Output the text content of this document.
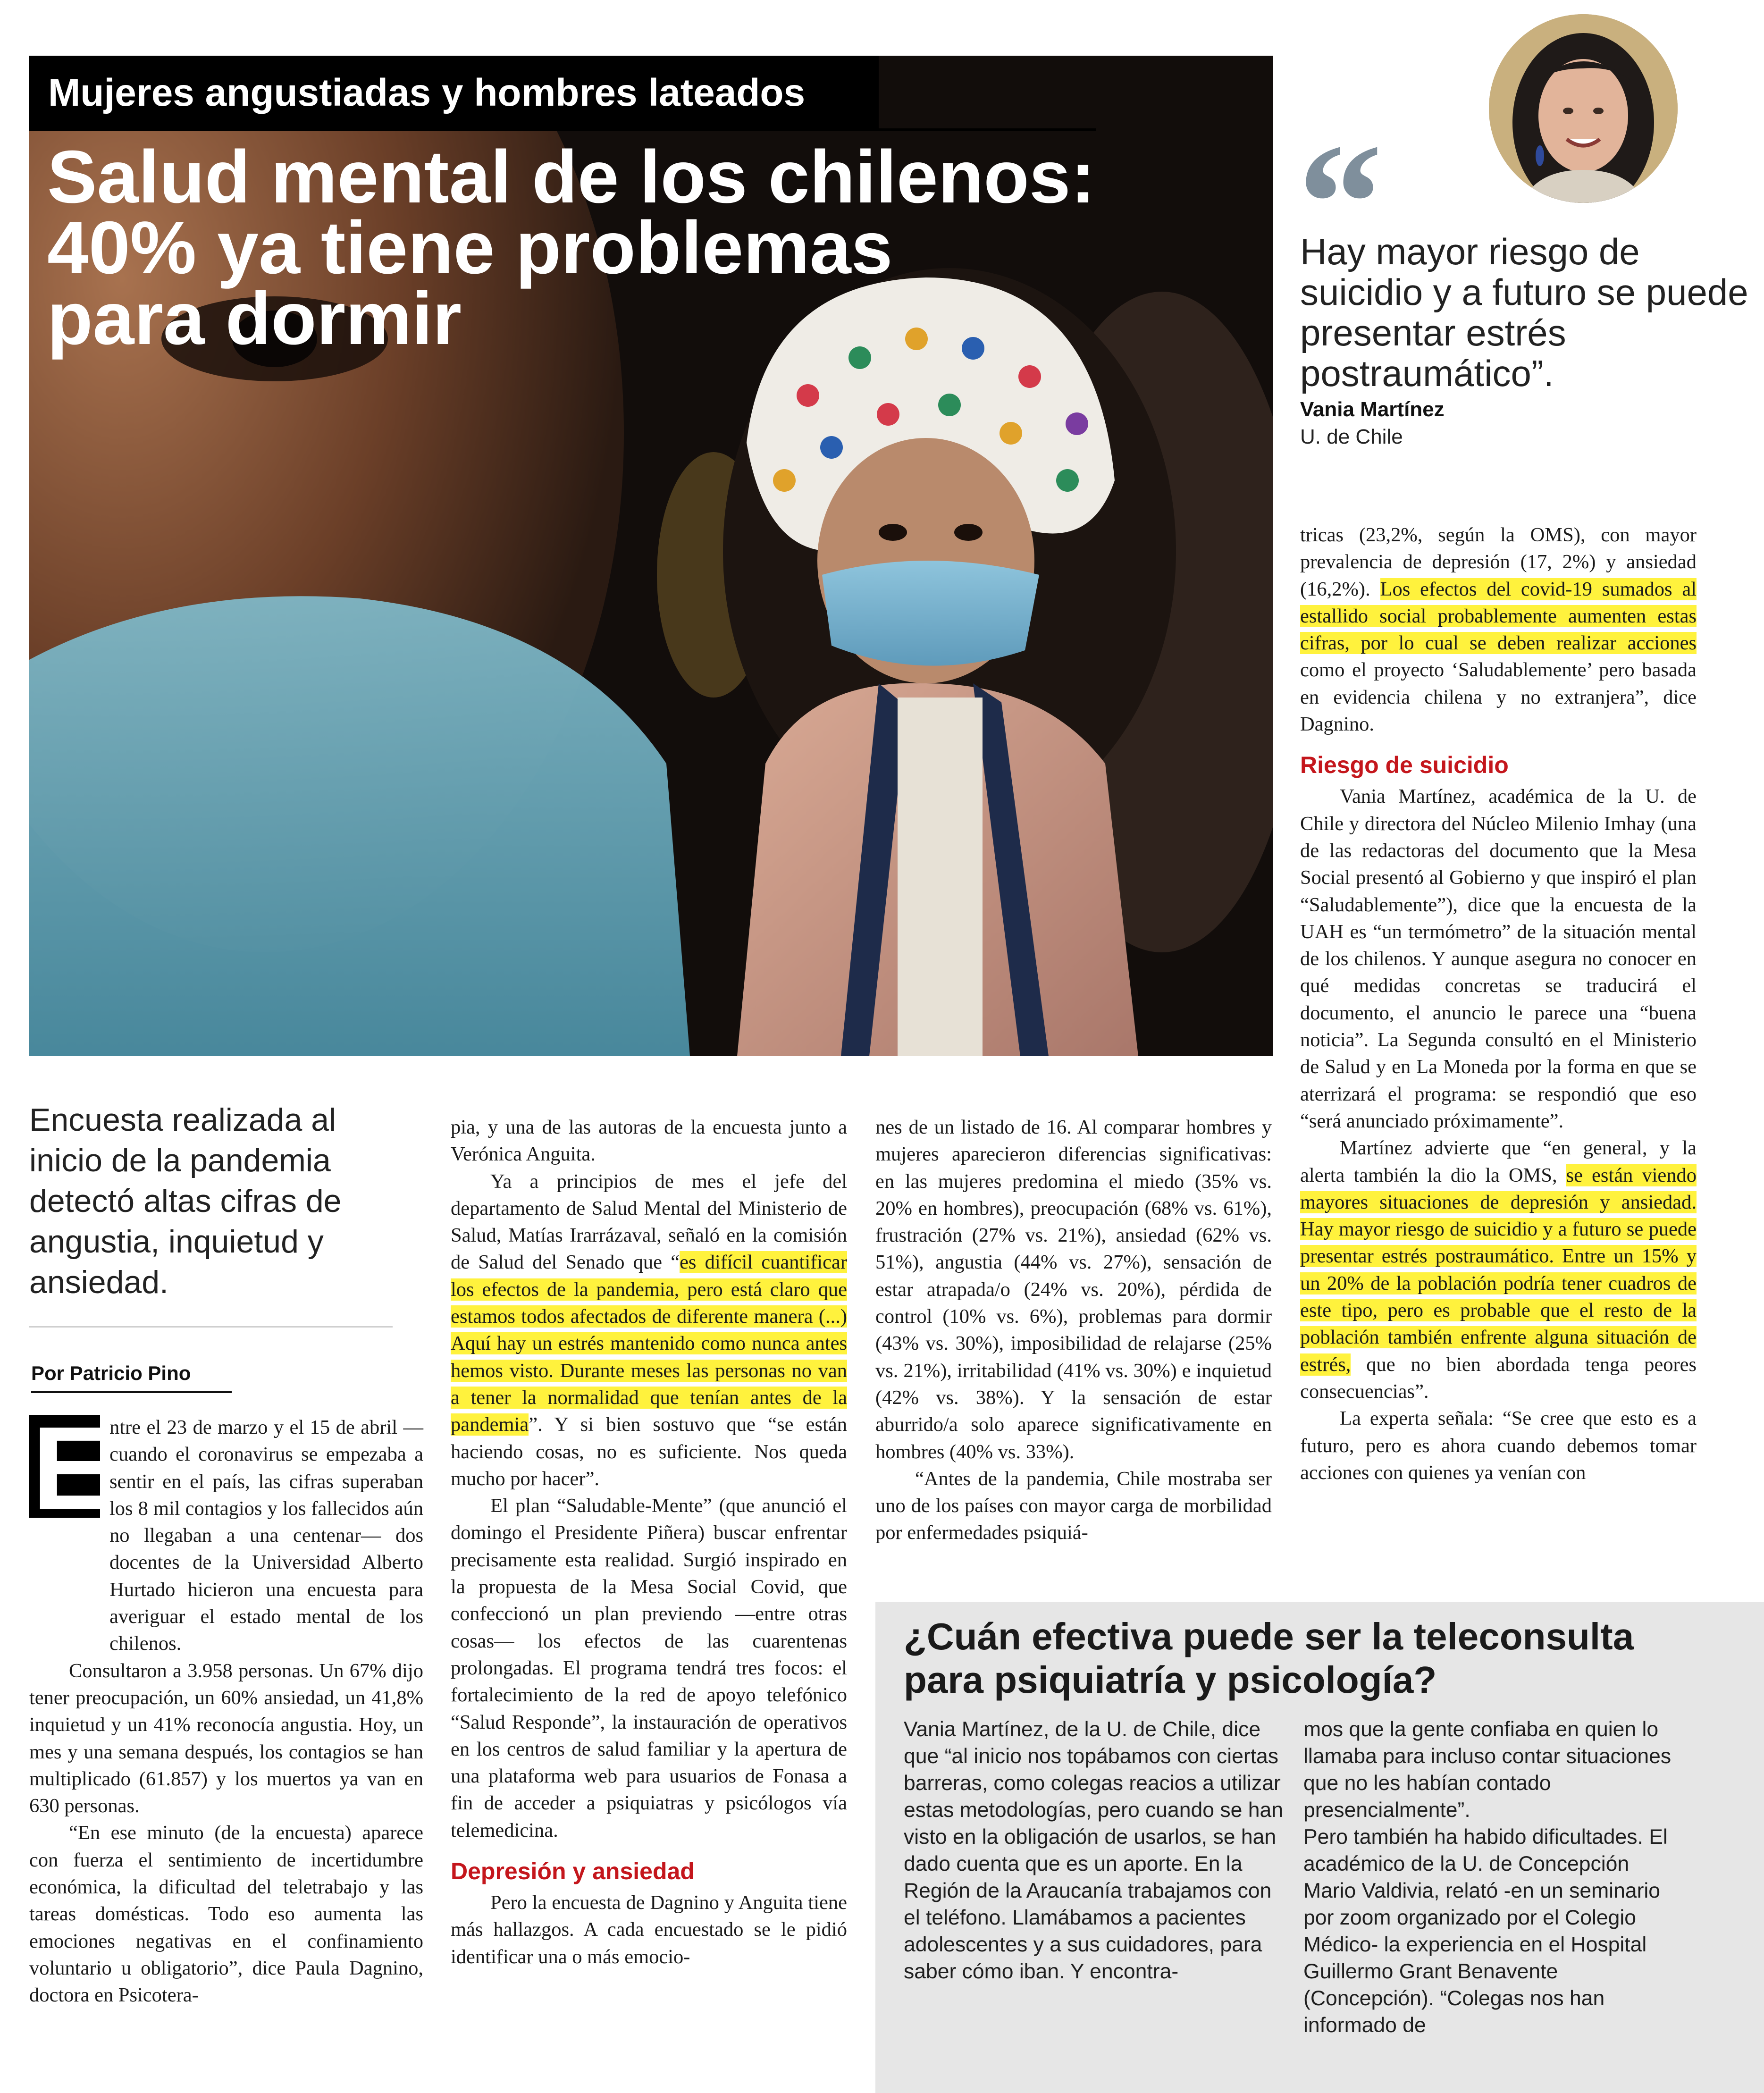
Mujeres angustiadas y hombres lateados
Salud mental de los chilenos:
40% ya tiene problemas
para dormir
“
Hay mayor riesgo de suicidio y a futuro se puede presentar estrés postraumático”.
Vania Martínez
U. de Chile
Encuesta realizada al inicio de la pandemia detectó altas cifras de angustia, inquietud y ansiedad.
Por Patricio Pino
E

ntre el 23 de marzo y el 15 de abril —cuando el coronavirus se empezaba a sentir en el país, las cifras superaban los 8 mil contagios y los fallecidos aún no llegaban a una centenar— dos docentes de la Universidad Alberto Hurtado hicieron una encuesta para averiguar el estado mental de los chilenos.

Consultaron a 3.958 personas. Un 67% dijo tener preocupación, un 60% ansiedad, un 41,8% inquietud y un 41% reconocía angustia. Hoy, un mes y una semana después, los contagios se han multiplicado (61.857) y los muertos ya van en 630 personas.

“En ese minuto (de la encuesta) aparece con fuerza el sentimiento de incertidumbre económica, la dificultad del teletrabajo y las tareas domésticas. Todo eso aumenta las emociones negativas en el confinamiento voluntario u obligatorio”, dice Paula Dagnino, doctora en Psicotera-

pia, y una de las autoras de la encuesta junto a Verónica Anguita.

Ya a principios de mes el jefe del departamento de Salud Mental del Ministerio de Salud, Matías Irarrázaval, señaló en la comisión de Salud del Senado que “es difícil cuantificar los efectos de la pandemia, pero está claro que estamos todos afectados de diferente manera (...) Aquí hay un estrés mantenido como nunca antes hemos visto. Durante meses las personas no van a tener la normalidad que tenían antes de la pandemia”. Y si bien sostuvo que “se están haciendo cosas, no es suficiente. Nos queda mucho por hacer”.

El plan “Saludable-Mente” (que anunció el domingo el Presidente Piñera) buscar enfrentar precisamente esta realidad. Surgió inspirado en la propuesta de la Mesa Social Covid, que confeccionó un plan previendo —entre otras cosas— los efectos de las cuarentenas prolongadas. El programa tendrá tres focos: el fortalecimiento de la red de apoyo telefónico “Salud Responde”, la instauración de operativos en los centros de salud familiar y la apertura de una plataforma web para usuarios de Fonasa a fin de acceder a psiquiatras y psicólogos vía telemedicina.

Depresión y ansiedad

Pero la encuesta de Dagnino y Anguita tiene más hallazgos. A cada encuestado se le pidió identificar una o más emocio-

nes de un listado de 16. Al comparar hombres y mujeres aparecieron diferencias significativas: en las mujeres predomina el miedo (35% vs. 20% en hombres), preocupación (68% vs. 61%), frustración (27% vs. 21%), ansiedad (62% vs. 51%), angustia (44% vs. 27%), sensación de estar atrapada/o (24% vs. 20%), pérdida de control (10% vs. 6%), problemas para dormir (43% vs. 30%), imposibilidad de relajarse (25% vs. 21%), irritabilidad (41% vs. 30%) e inquietud (42% vs. 38%). Y la sensación de estar aburrido/a solo aparece significativamente en hombres (40% vs. 33%).

“Antes de la pandemia, Chile mostraba ser uno de los países con mayor carga de morbilidad por enfermedades psiquiá-

tricas (23,2%, según la OMS), con mayor prevalencia de depresión (17, 2%) y ansiedad (16,2%). Los efectos del covid-19 sumados al estallido social probablemente aumenten estas cifras, por lo cual se deben realizar acciones como el proyecto ‘Saludablemente’ pero basada en evidencia chilena y no extranjera”, dice Dagnino.

Riesgo de suicidio

Vania Martínez, académica de la U. de Chile y directora del Núcleo Milenio Imhay (una de las redactoras del documento que la Mesa Social presentó al Gobierno y que inspiró el plan “Saludablemente”), dice que la encuesta de la UAH es “un termómetro” de la situación mental de los chilenos. Y aunque asegura no conocer en qué medidas concretas se traducirá el documento, el anuncio le parece una “buena noticia”. La Segunda consultó en el Ministerio de Salud y en La Moneda por la forma en que se aterrizará el programa: se respondió que eso “será anunciado próximamente”.

Martínez advierte que “en general, y la alerta también la dio la OMS, se están viendo mayores situaciones de depresión y ansiedad. Hay mayor riesgo de suicidio y a futuro se puede presentar estrés postraumático. Entre un 15% y un 20% de la población podría tener cuadros de este tipo, pero es probable que el resto de la población también enfrente alguna situación de estrés, que no bien abordada tenga peores consecuencias”.

La experta señala: “Se cree que esto es a futuro, pero es ahora cuando debemos tomar acciones con quienes ya venían con

¿Cuán efectiva puede ser la teleconsulta
para psiquiatría y psicología?

Vania Martínez, de la U. de Chile, dice que “al inicio nos topábamos con ciertas barreras, como colegas reacios a utilizar estas metodologías, pero cuando se han visto en la obligación de usarlos, se han dado cuenta que es un aporte. En la Región de la Araucanía trabajamos con el teléfono. Llamábamos a pacientes adolescentes y a sus cuidadores, para saber cómo iban. Y encontra-

mos que la gente confiaba en quien lo llamaba para incluso contar situaciones que no les habían contado presencialmente”.

Pero también ha habido dificultades. El académico de la U. de Concepción Mario Valdivia, relató -en un seminario por zoom organizado por el Colegio Médico- la experiencia en el Hospital Guillermo Grant Benavente (Concepción). “Colegas nos han informado de
